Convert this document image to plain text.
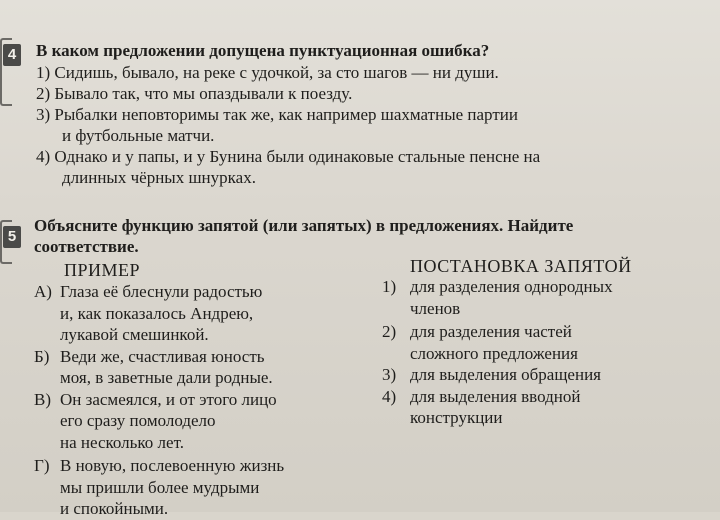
4 В каком предложении допущена пунктуационная ошибка?
1) Сидишь, бывало, на реке с удочкой, за сто шагов — ни души.
2) Бывало так, что мы опаздывали к поезду.
3) Рыбалки неповторимы так же, как например шахматные партии
и футбольные матчи.
4) Однако и у папы, и у Бунина были одинаковые стальные пенсне на
длинных чёрных шнурках.
5
Объясните функцию запятой (или запятых) в предложениях. Найдите
соответствие.
ПРИМЕР	ПОСТАНОВКА ЗАПЯТОЙ
А) Глаза её блеснули радостью
и, как показалось Андрею,
лукавой смешинкой.
Б) Веди же, счастливая юность
моя, в заветные дали родные.
В) Он засмеялся, и от этого лицо
его сразу помолодело
на несколько лет.
Г) В новую, послевоенную жизнь
мы пришли более мудрыми
и спокойными.
1) для разделения однородных
членов
2) для разделения частей
сложного предложения
3) для выделения обращения
4) для выделения вводной
конструкции
